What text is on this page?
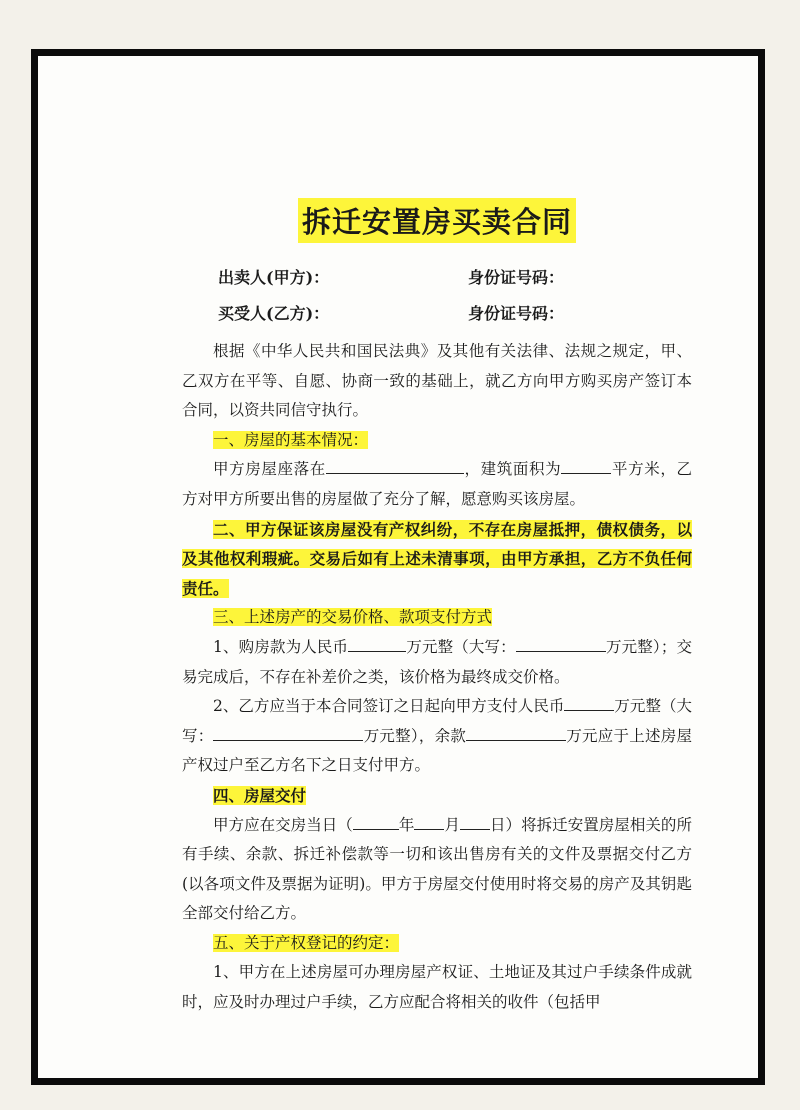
拆迁安置房买卖合同
出卖人(甲方)：	身份证号码：
买受人(乙方)：	身份证号码：

根据《中华人民共和国民法典》及其他有关法律、法规之规定，甲、乙双方在平等、自愿、协商一致的基础上，就乙方向甲方购买房产签订本合同，以资共同信守执行。

一、房屋的基本情况：

甲方房屋座落在	，建筑面积为	平方米，乙方对甲方所要出售的房屋做了充分了解，愿意购买该房屋。

二、甲方保证该房屋没有产权纠纷，不存在房屋抵押，债权债务，以及其他权利瑕疵。交易后如有上述未清事项，由甲方承担，乙方不负任何责任。

三、上述房产的交易价格、款项支付方式

1、购房款为人民币	万元整（大写：	万元整）；交易完成后，不存在补差价之类，该价格为最终成交价格。

2、乙方应当于本合同签订之日起向甲方支付人民币	万元整（大写：	万元整），余款	万元应于上述房屋产权过户至乙方名下之日支付甲方。

四、房屋交付

甲方应在交房当日（	年 月 日）将拆迁安置房屋相关的所有手续、余款、拆迁补偿款等一切和该出售房有关的文件及票据交付乙方(以各项文件及票据为证明)。甲方于房屋交付使用时将交易的房产及其钥匙全部交付给乙方。

五、关于产权登记的约定：

1、甲方在上述房屋可办理房屋产权证、土地证及其过户手续条件成就时，应及时办理过户手续，乙方应配合将相关的收件（包括甲
